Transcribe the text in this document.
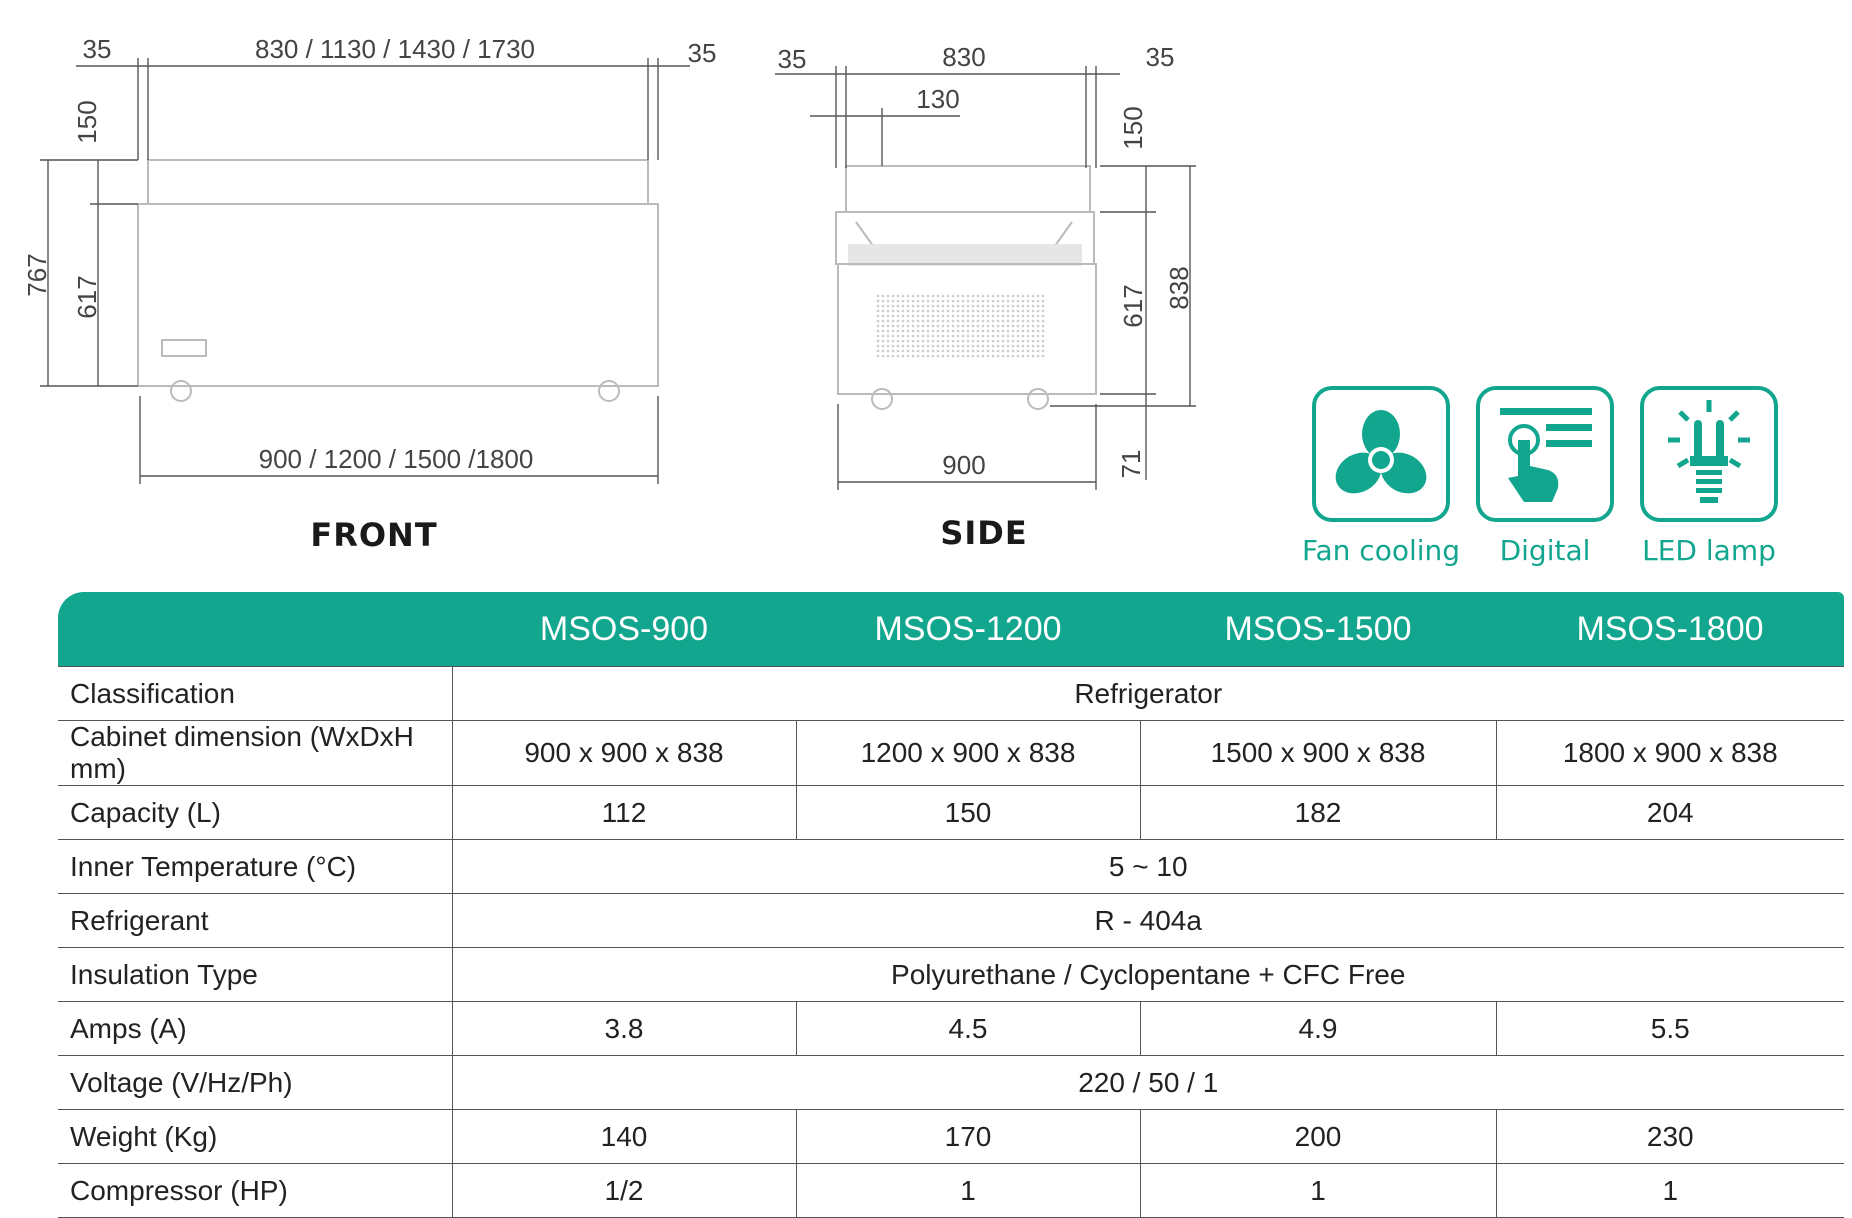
35	830 / 1130 / 1430 / 1730	35
150
767
617
900 / 1200 / 1500 /1800
FRONT
35	830	35
130
150
617 838
71
900
SIDE	Fan cooling Digital LED lamp
	MSOS-900	MSOS-1200	MSOS-1500	MSOS-1800
Classification	Refrigerator			
Cabinet dimension (WxDxH mm)	900 x 900 x 838	1200 x 900 x 838	1500 x 900 x 838	1800 x 900 x 838
Capacity (L)	112	150	182	204
Inner Temperature (°C)	5 ~ 10			
Refrigerant	R - 404a			
Insulation Type	Polyurethane / Cyclopentane + CFC Free			
Amps (A)	3.8	4.5	4.9	5.5
Voltage (V/Hz/Ph)	220 / 50 / 1			
Weight (Kg)	140	170	200	230
Compressor (HP)	1/2	1	1	1
